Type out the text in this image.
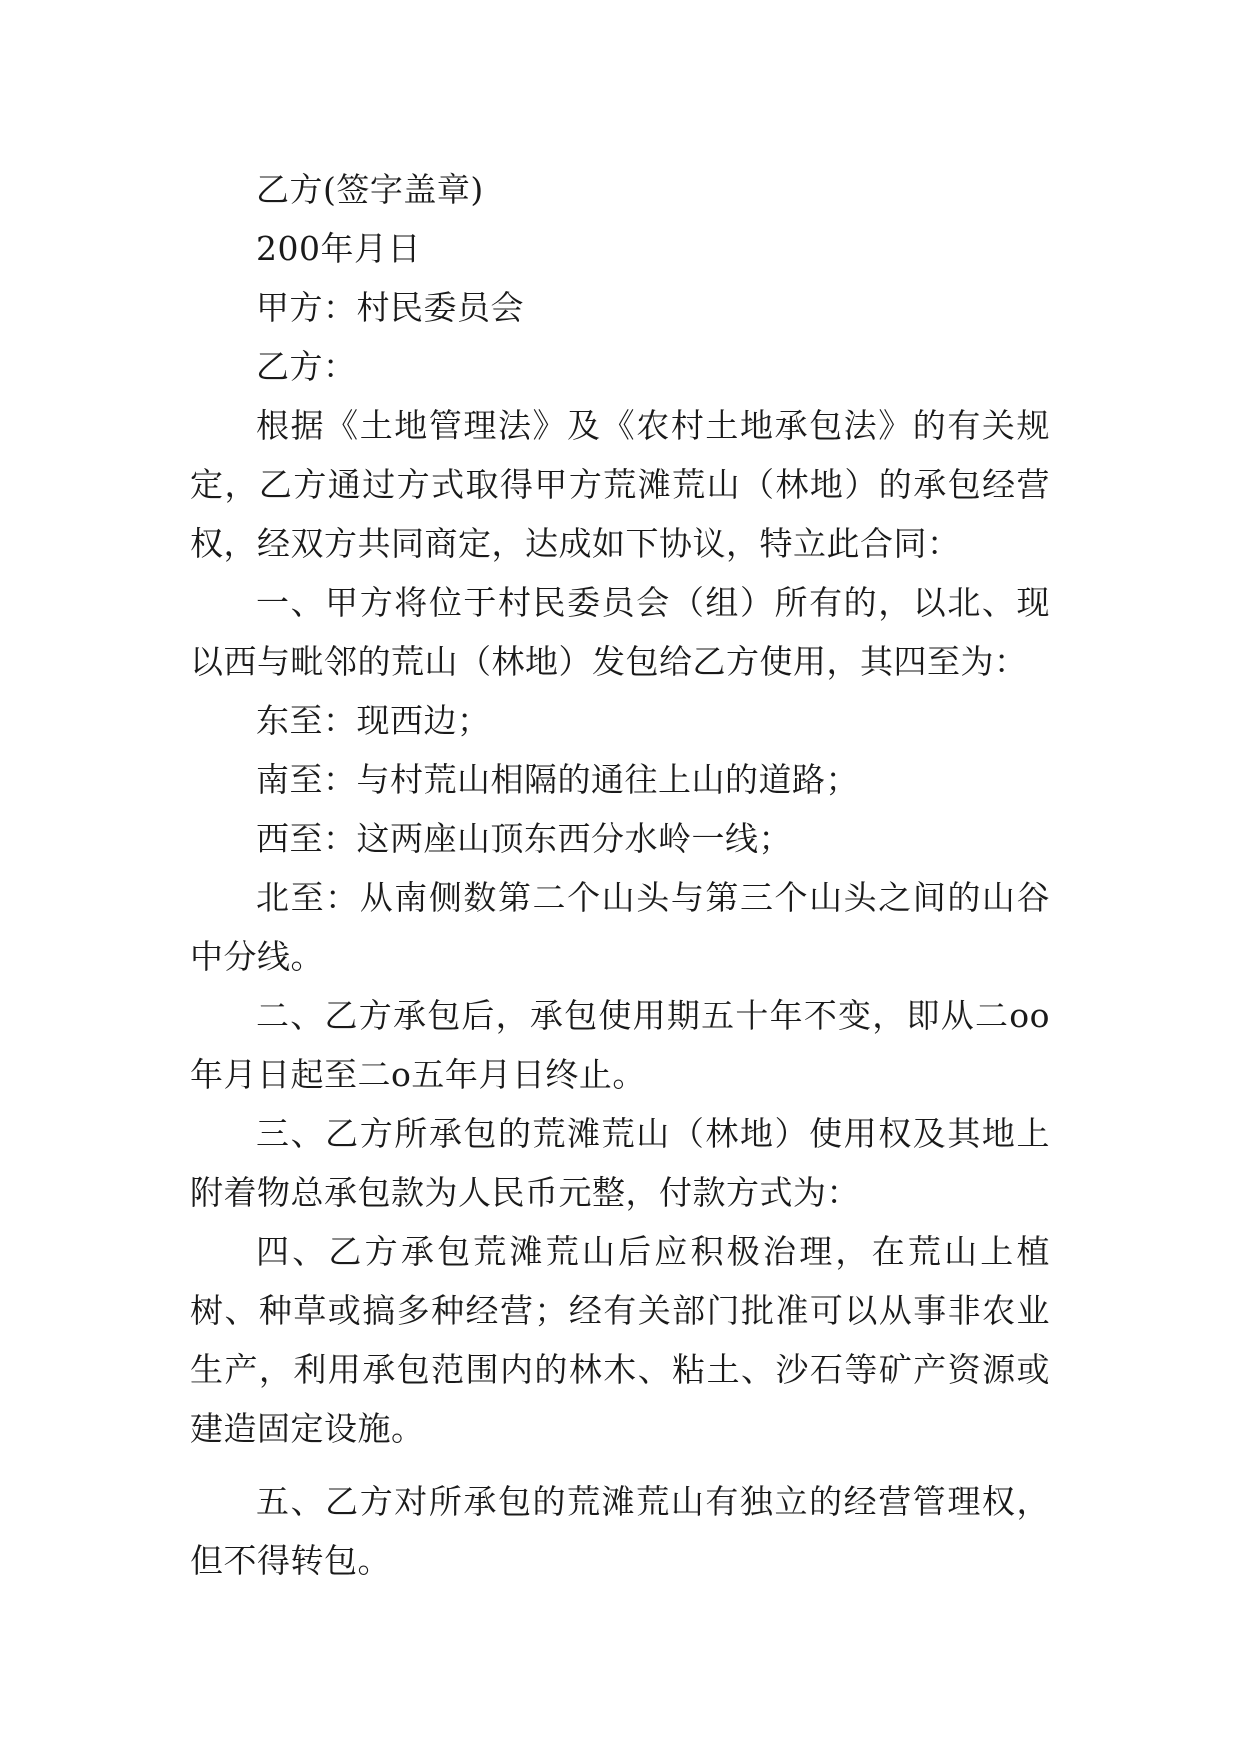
乙方(签字盖章)

200年月日

甲方：村民委员会

乙方：

根据《土地管理法》及《农村土地承包法》的有关规定，乙方通过方式取得甲方荒滩荒山（林地）的承包经营权，经双方共同商定，达成如下协议，特立此合同：

一、甲方将位于村民委员会（组）所有的，以北、现以西与毗邻的荒山（林地）发包给乙方使用，其四至为：

东至：现西边；

南至：与村荒山相隔的通往上山的道路；

西至：这两座山顶东西分水岭一线；

北至：从南侧数第二个山头与第三个山头之间的山谷中分线。

二、乙方承包后，承包使用期五十年不变，即从二oo年月日起至二o五年月日终止。

三、乙方所承包的荒滩荒山（林地）使用权及其地上附着物总承包款为人民币元整，付款方式为：

四、乙方承包荒滩荒山后应积极治理，在荒山上植树、种草或搞多种经营；经有关部门批准可以从事非农业生产，利用承包范围内的林木、粘土、沙石等矿产资源或建造固定设施。

五、乙方对所承包的荒滩荒山有独立的经营管理权，但不得转包。
